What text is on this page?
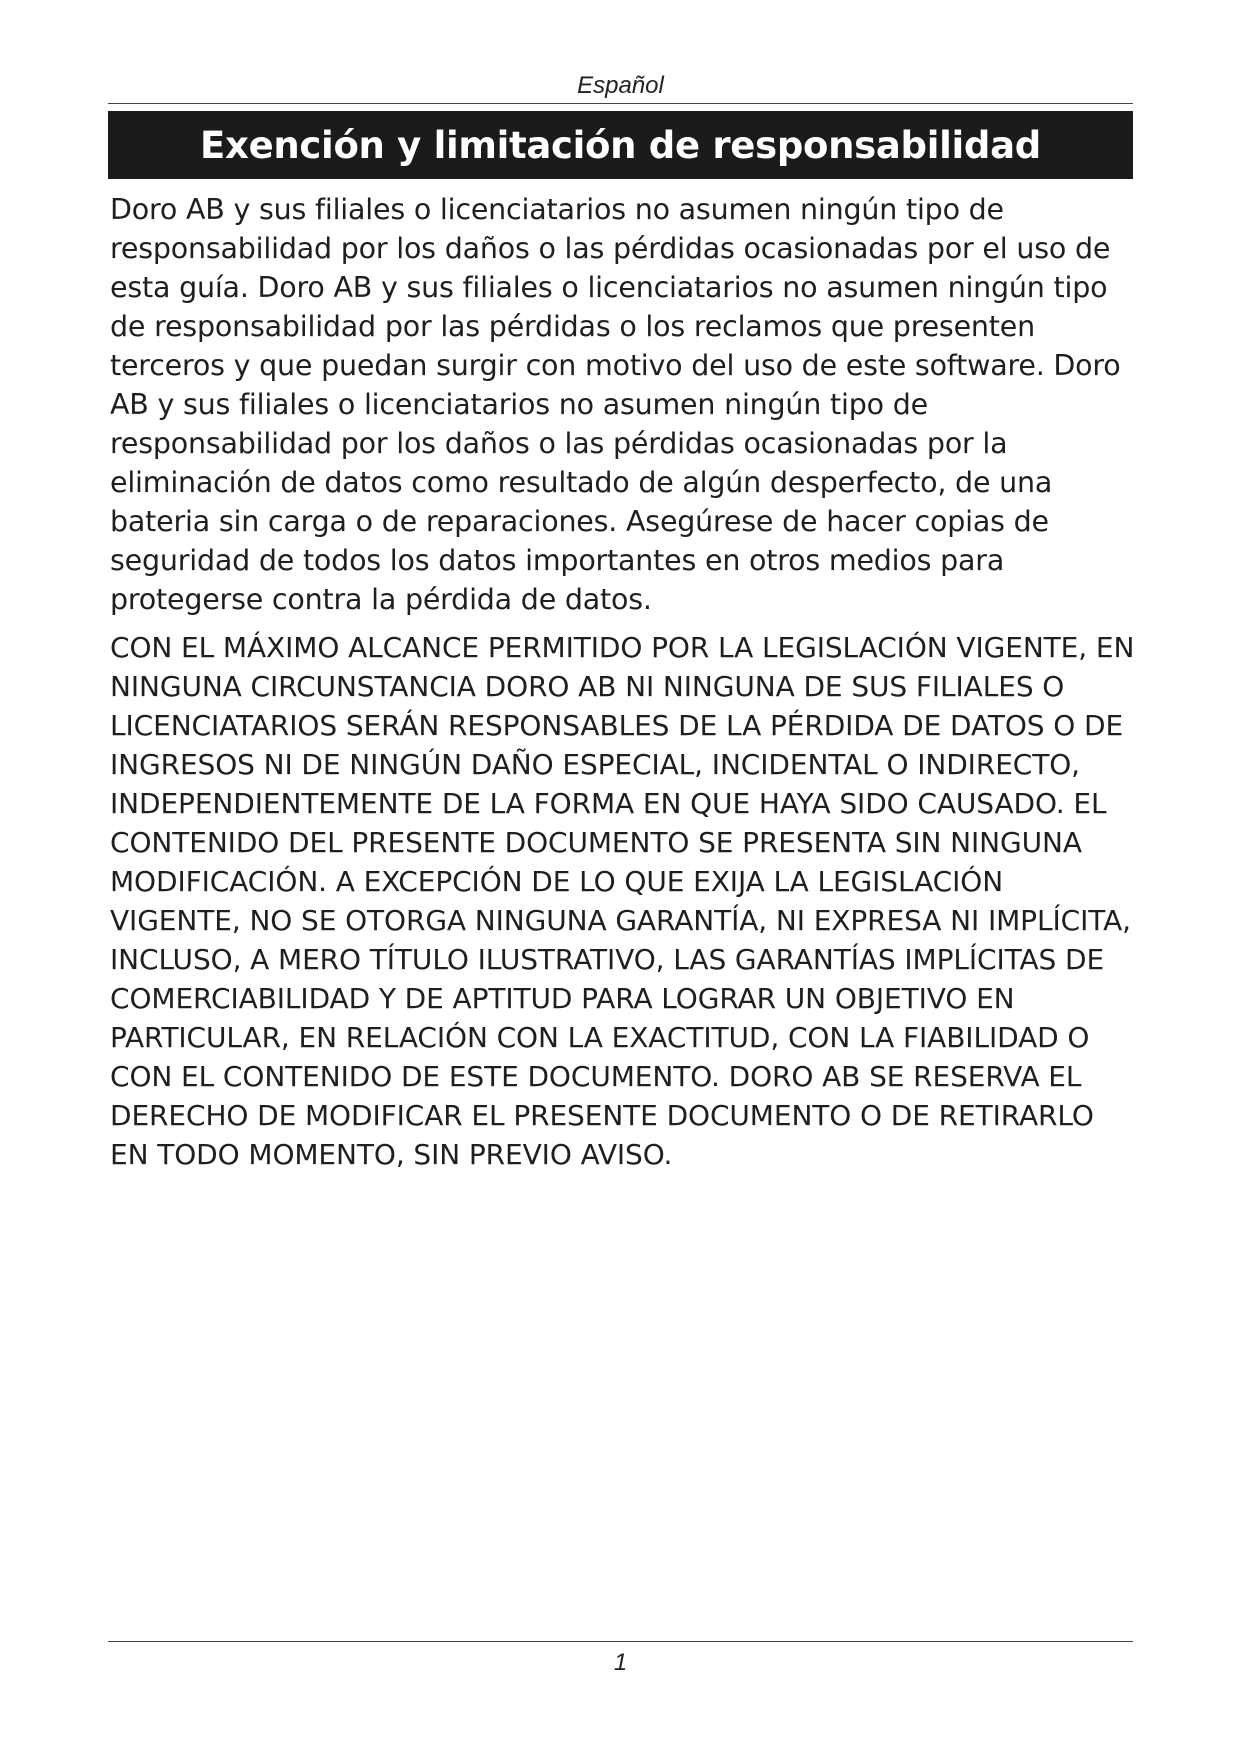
Español
Exención y limitación de responsabilidad

Doro AB y sus filiales o licenciatarios no asumen ningún tipo de responsabilidad por los daños o las pérdidas ocasionadas por el uso de esta guía. Doro AB y sus filiales o licenciatarios no asumen ningún tipo de responsabilidad por las pérdidas o los reclamos que presenten terceros y que puedan surgir con motivo del uso de este software. Doro AB y sus filiales o licenciatarios no asumen ningún tipo de responsabilidad por los daños o las pérdidas ocasionadas por la eliminación de datos como resultado de algún desperfecto, de una bateria sin carga o de reparaciones. Asegúrese de hacer copias de seguridad de todos los datos importantes en otros medios para protegerse contra la pérdida de datos.

CON EL MÁXIMO ALCANCE PERMITIDO POR LA LEGISLACIÓN VIGENTE, EN NINGUNA CIRCUNSTANCIA DORO AB NI NINGUNA DE SUS FILIALES O LICENCIATARIOS SERÁN RESPONSABLES DE LA PÉRDIDA DE DATOS O DE INGRESOS NI DE NINGÚN DAÑO ESPECIAL, INCIDENTAL O INDIRECTO, INDEPENDIENTEMENTE DE LA FORMA EN QUE HAYA SIDO CAUSADO. EL CONTENIDO DEL PRESENTE DOCUMENTO SE PRESENTA SIN NINGUNA MODIFICACIÓN. A EXCEPCIÓN DE LO QUE EXIJA LA LEGISLACIÓN VIGENTE, NO SE OTORGA NINGUNA GARANTÍA, NI EXPRESA NI IMPLÍCITA, INCLUSO, A MERO TÍTULO ILUSTRATIVO, LAS GARANTÍAS IMPLÍCITAS DE COMERCIABILIDAD Y DE APTITUD PARA LOGRAR UN OBJETIVO EN PARTICULAR, EN RELACIÓN CON LA EXACTITUD, CON LA FIABILIDAD O CON EL CONTENIDO DE ESTE DOCUMENTO. DORO AB SE RESERVA EL DERECHO DE MODIFICAR EL PRESENTE DOCUMENTO O DE RETIRARLO EN TODO MOMENTO, SIN PREVIO AVISO.

1
